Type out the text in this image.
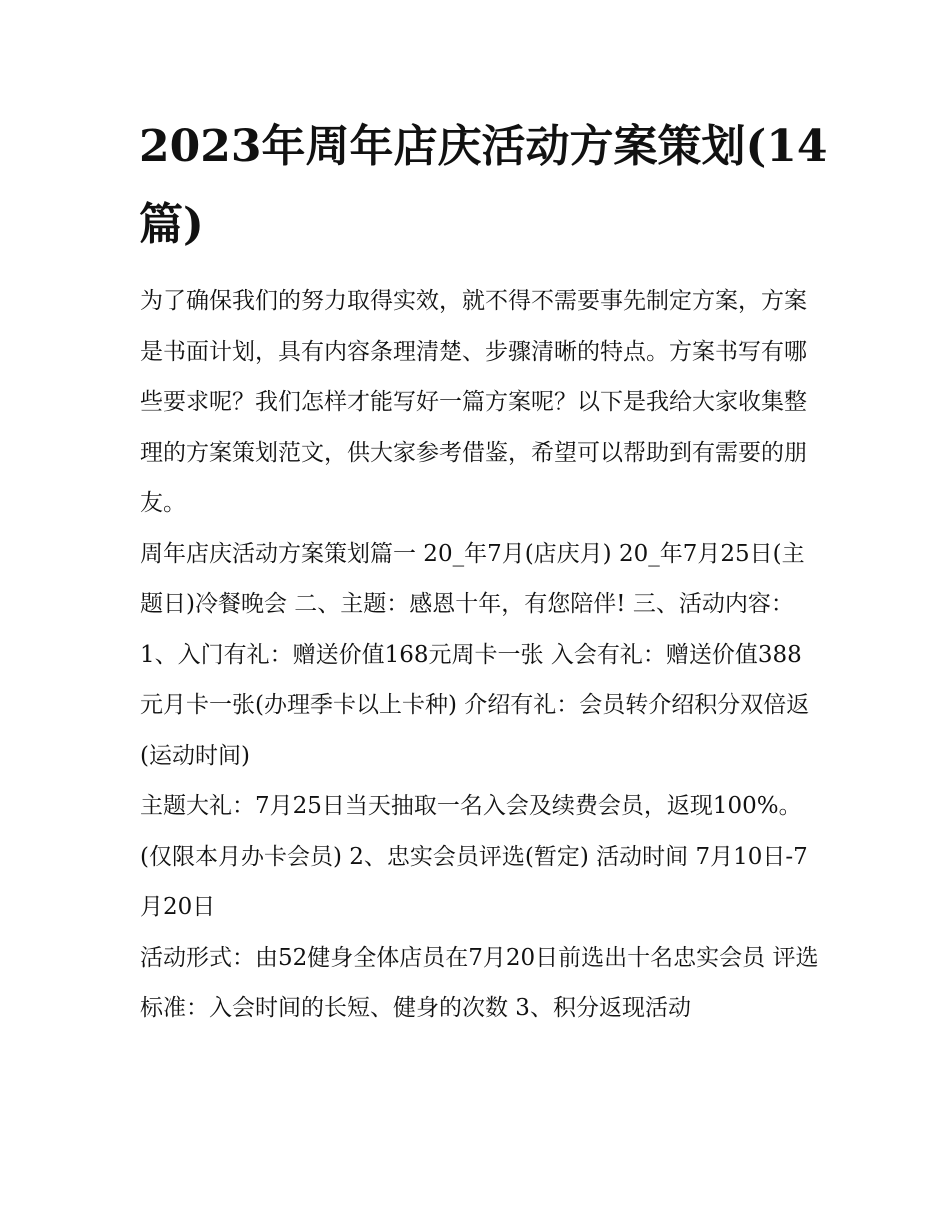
2023年周年店庆活动方案策划(14篇)

为了确保我们的努力取得实效，就不得不需要事先制定方案，方案是书面计划，具有内容条理清楚、步骤清晰的特点。方案书写有哪些要求呢？我们怎样才能写好一篇方案呢？以下是我给大家收集整理的方案策划范文，供大家参考借鉴，希望可以帮助到有需要的朋友。

周年店庆活动方案策划篇一 20_年7月(店庆月) 20_年7月25日(主题日)冷餐晚会 二、主题：感恩十年，有您陪伴! 三、活动内容：

1、入门有礼：赠送价值168元周卡一张 入会有礼：赠送价值388元月卡一张(办理季卡以上卡种) 介绍有礼：会员转介绍积分双倍返(运动时间)

主题大礼：7月25日当天抽取一名入会及续费会员，返现100%。(仅限本月办卡会员) 2、忠实会员评选(暂定) 活动时间 7月10日-7月20日

活动形式：由52健身全体店员在7月20日前选出十名忠实会员 评选标准：入会时间的长短、健身的次数 3、积分返现活动
